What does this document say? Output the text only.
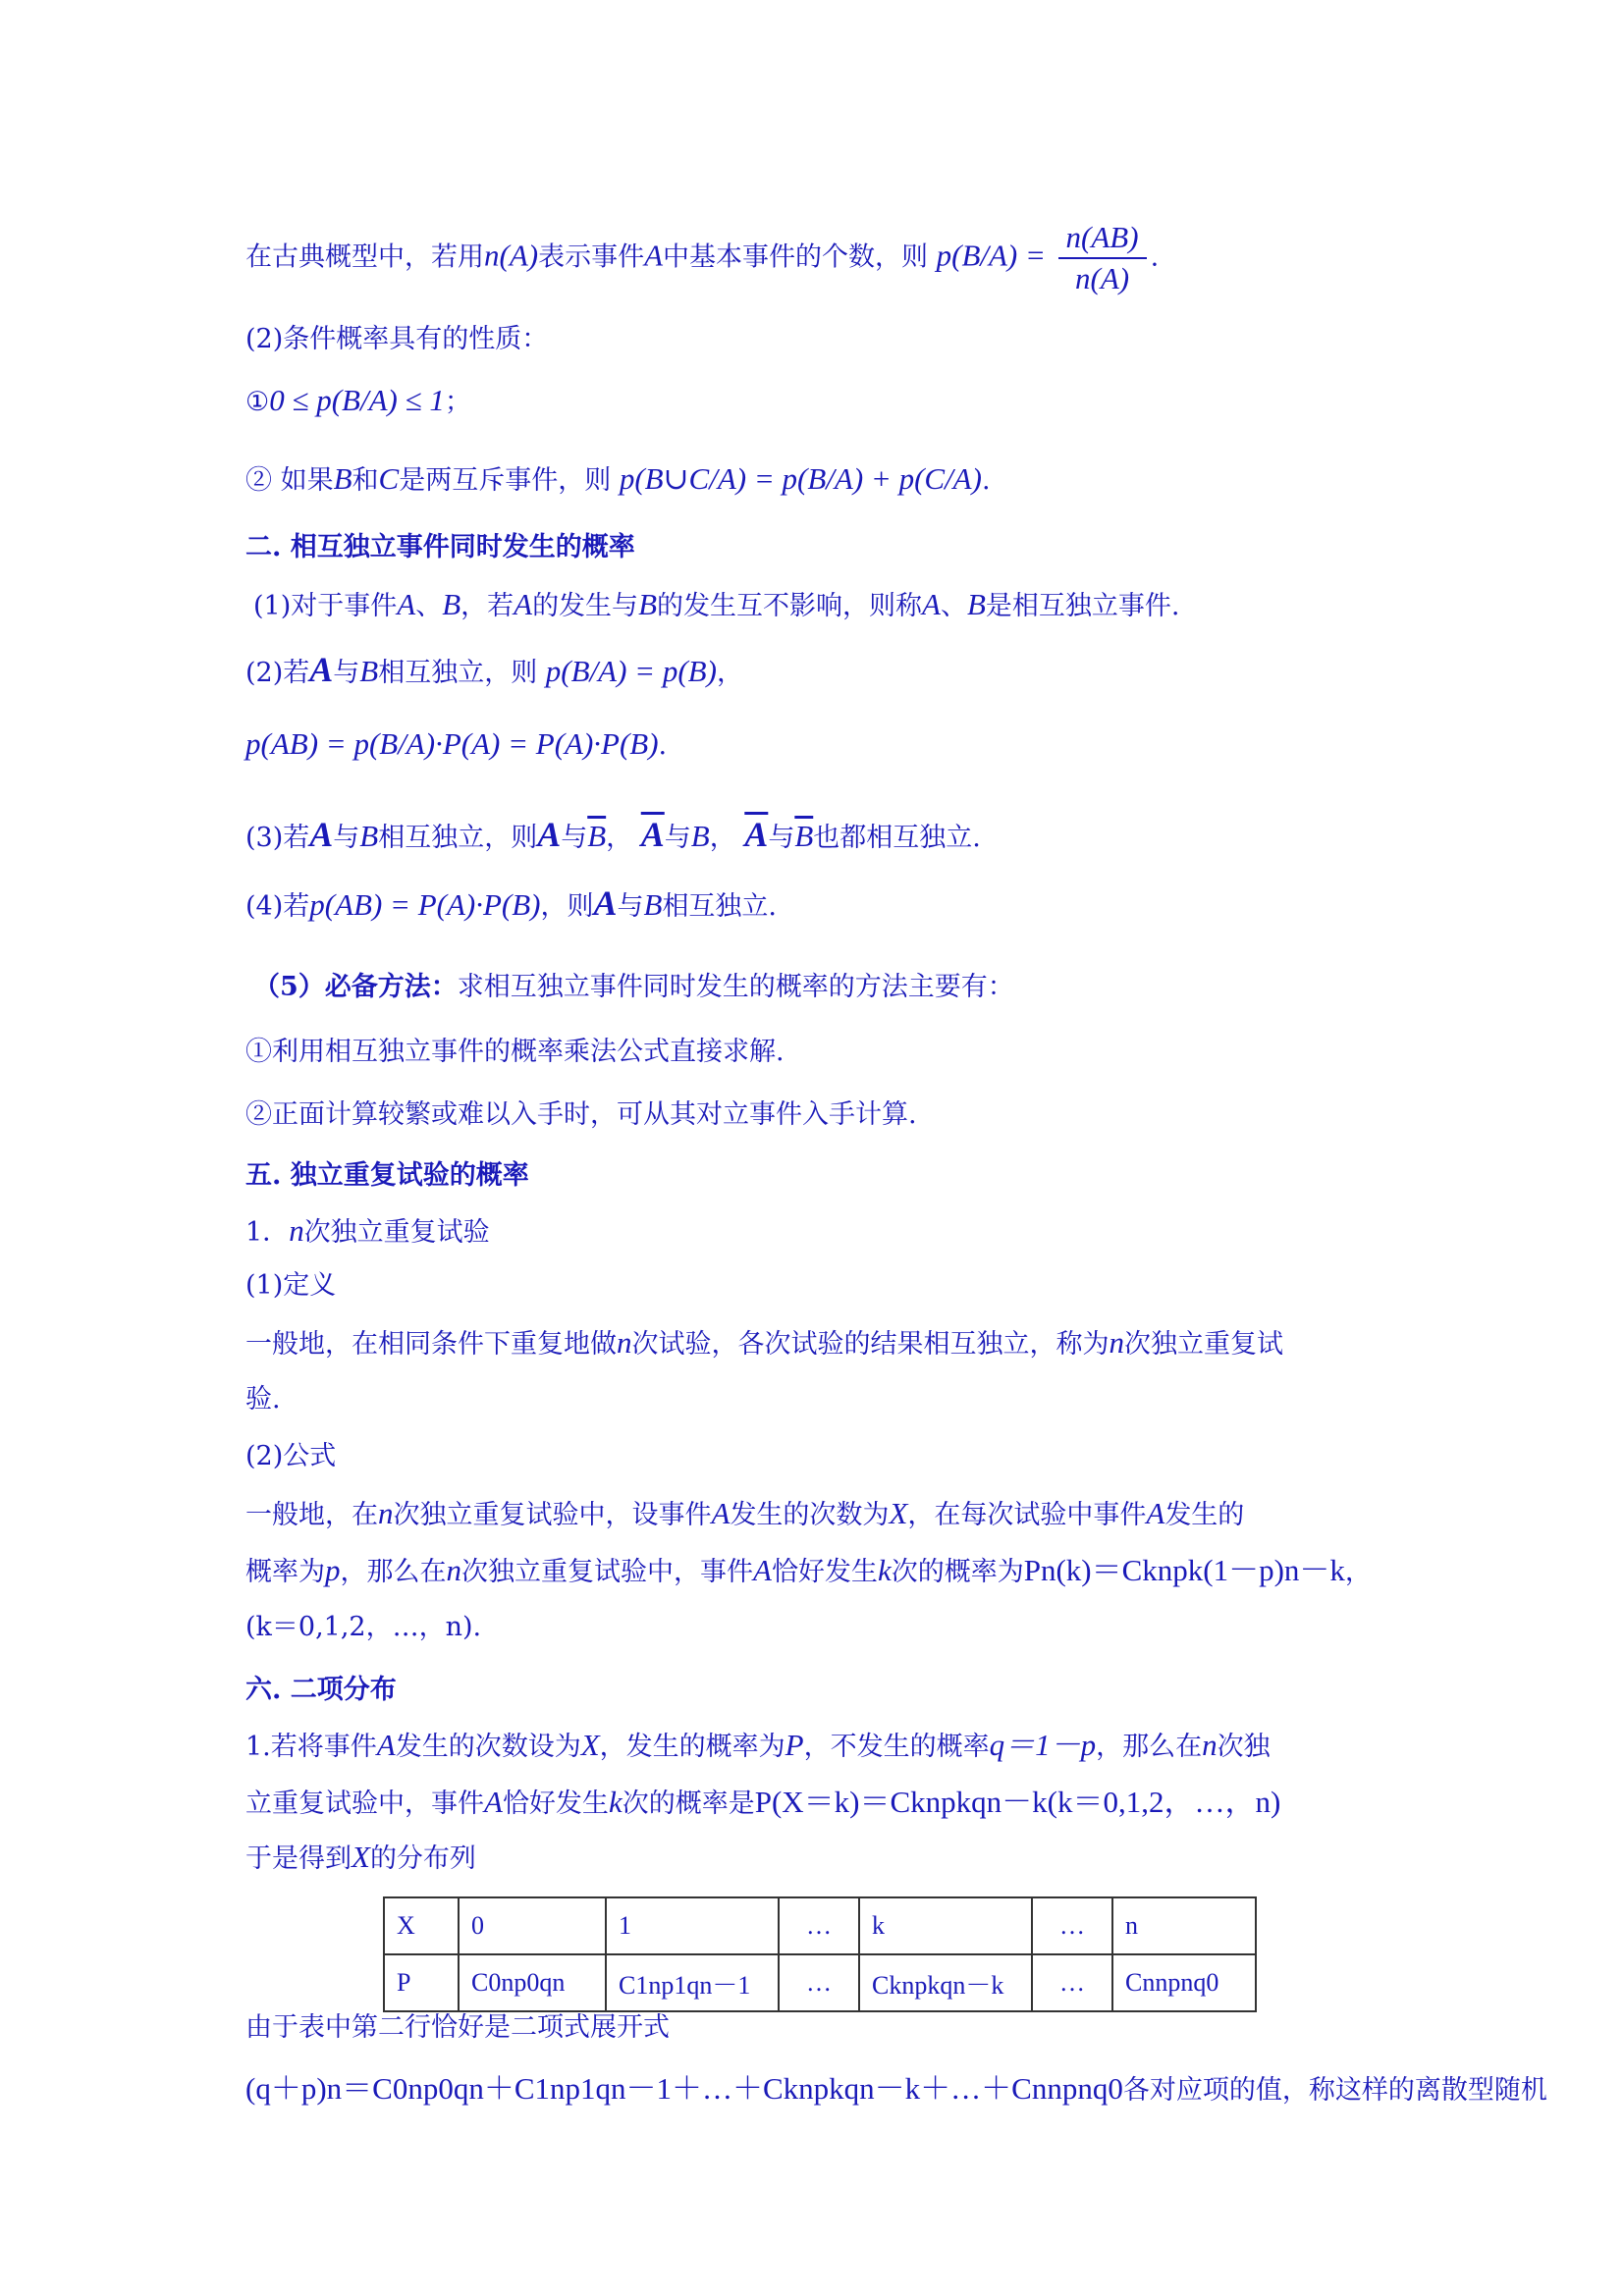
在古典概型中，若用n(A)表示事件A中基本事件的个数，则 $p(B/A) = \frac{n(AB)}{n(A)}$ .
(2)条件概率具有的性质：
①0 ≤ p(B/A) ≤ 1；
② 如果B和C是两互斥事件，则 p(B∪C/A) = p(B/A) + p(C/A).
二. 相互独立事件同时发生的概率
(1)对于事件A、B，若A的发生与B的发生互不影响，则称A、B是相互独立事件.
(2)若A与B相互独立，则 p(B/A) = p(B)，
p(AB) = p(B/A)·P(A) = P(A)·P(B).
(3)若A与B相互独立，则A与$\overline{B}$， $\overline{A}$与B， $\overline{A}$与$\overline{B}$也都相互独立.
(4)若p(AB) = P(A)·P(B)，则A与B相互独立.
（5）必备方法：求相互独立事件同时发生的概率的方法主要有：
①利用相互独立事件的概率乘法公式直接求解.
②正面计算较繁或难以入手时，可从其对立事件入手计算.
五. 独立重复试验的概率
1．n次独立重复试验
(1)定义
一般地，在相同条件下重复地做n次试验，各次试验的结果相互独立，称为n次独立重复试
验.
(2)公式
一般地，在n次独立重复试验中，设事件A发生的次数为X，在每次试验中事件A发生的
概率为p，那么在n次独立重复试验中，事件A恰好发生k次的概率为Pn(k)＝Cknpk(1－p)n－k，
(k＝0,1,2，…，n).
六. 二项分布
1.若将事件A发生的次数设为X，发生的概率为P，不发生的概率q＝1－p，那么在n次独
立重复试验中，事件A恰好发生k次的概率是P(X＝k)＝Cknpkqn－k(k＝0,1,2，…，n)
于是得到X的分布列
X	0	1	…	k	…	n
P	C0np0qn	C1np1qn－1	…	Cknpkqn－k	…	Cnnpnq0
由于表中第二行恰好是二项式展开式
(q＋p)n＝C0np0qn＋C1np1qn－1＋…＋Cknpkqn－k＋…＋Cnnpnq0各对应项的值，称这样的离散型随机
